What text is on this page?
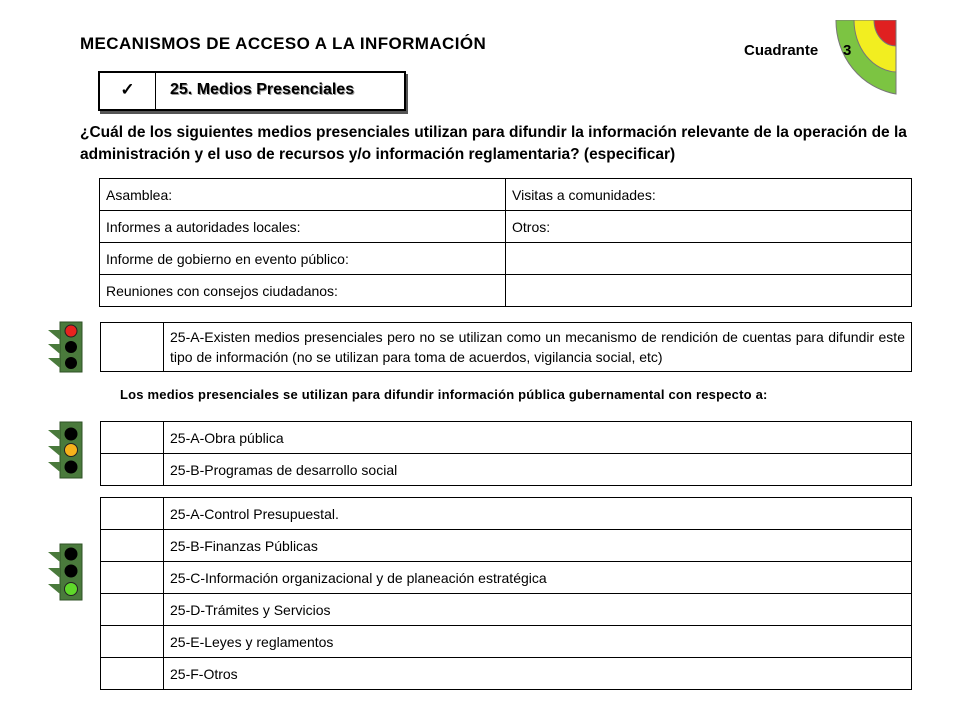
MECANISMOS DE ACCESO A LA INFORMACIÓN	Cuadrante 3
✓	25. Medios Presenciales
¿Cuál de los siguientes medios presenciales utilizan para difundir la información relevante de la operación de la administración y el uso de recursos y/o información reglamentaria? (especificar)
Asamblea:	Visitas a comunidades:
Informes a autoridades locales:	Otros:
Informe de gobierno en evento público:	
Reuniones con consejos ciudadanos:	
	25-A-Existen medios presenciales pero no se utilizan como un mecanismo de rendición de cuentas para difundir este tipo de información (no se utilizan para toma de acuerdos, vigilancia social, etc)
Los medios presenciales se utilizan para difundir información pública gubernamental con respecto a:
	25-A-Obra pública
	25-B-Programas de desarrollo social
	25-A-Control Presupuestal.
	25-B-Finanzas Públicas
	25-C-Información organizacional y de planeación estratégica
	25-D-Trámites y Servicios
	25-E-Leyes y reglamentos
	25-F-Otros
